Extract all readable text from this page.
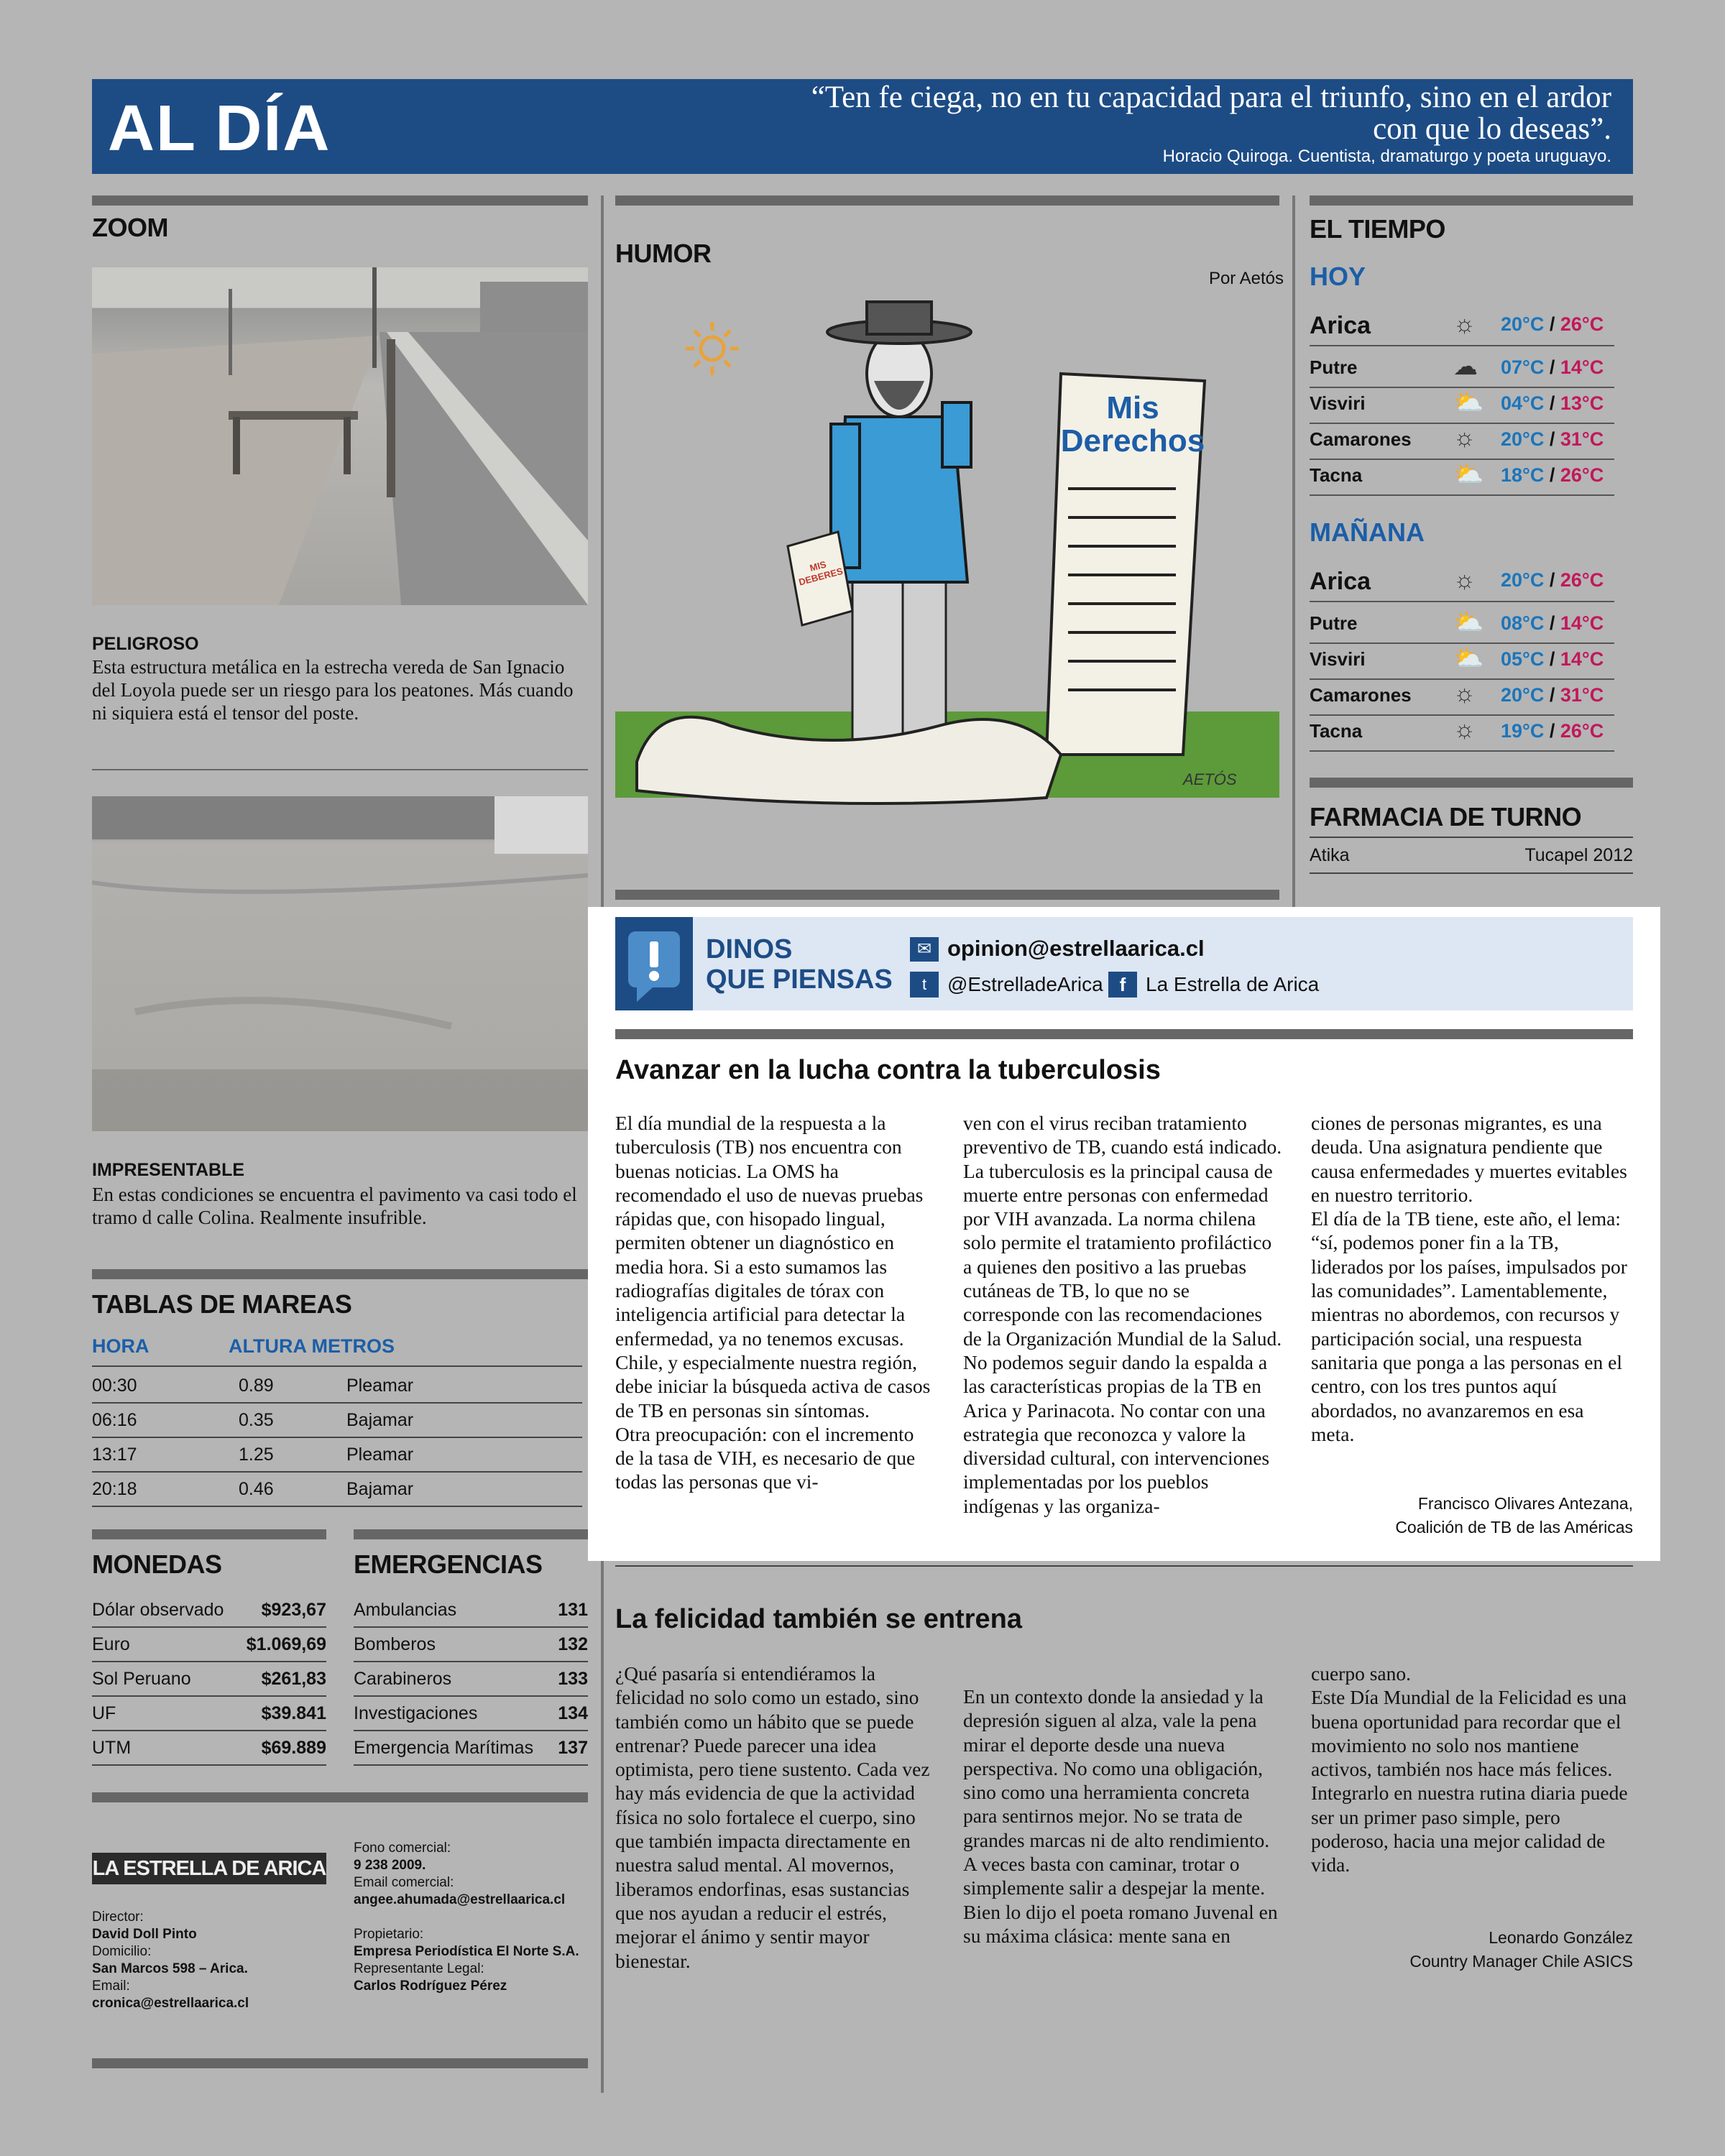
AL DÍA	“Ten fe ciega, no en tu capacidad para el triunfo, sino en el ardor con que lo deseas”.
Horacio Quiroga. Cuentista, dramaturgo y poeta uruguayo.
ZOOM
PELIGROSO
Esta estructura metálica en la estrecha vereda de San Ignacio del Loyola puede ser un riesgo para los peatones. Más cuando ni siquiera está el tensor del poste.
IMPRESENTABLE
En estas condiciones se encuentra el pavimento va casi todo el tramo d calle Colina. Realmente insufrible.
TABLAS DE MAREAS
HORA	ALTURA METROS
00:30	0.89	Pleamar
06:16	0.35	Bajamar
13:17	1.25	Pleamar
20:18	0.46	Bajamar
MONEDAS
Dólar observado $923,67
Euro	$1.069,69
Sol Peruano	$261,83
UF	$39.841
UTM	$69.889
EMERGENCIAS
Ambulancias	131
Bomberos	132
Carabineros	133
Investigaciones	134
Emergencia Marítimas 137
LA ESTRELLA DE ARICA
Director:
David Doll Pinto
Domicilio:
San Marcos 598 – Arica.
Email:
cronica@estrellaarica.cl
Fono comercial:
9 238 2009.
Email comercial:
angee.ahumada@estrellaarica.cl
Propietario:
Empresa Periodística El Norte S.A.
Representante Legal:
Carlos Rodríguez Pérez
HUMOR
Por Aetós
Mis Derechos
MIS DEBERES
AETÓS
EL TIEMPO
HOY
Arica	☼ 20°C / 26°C
Putre	☁ 07°C / 14°C
Visviri	⛅ 04°C / 13°C
Camarones ☼ 20°C / 31°C
Tacna	⛅ 18°C / 26°C
MAÑANA
Arica	☼ 20°C / 26°C
Putre	⛅ 08°C / 14°C
Visviri	⛅ 05°C / 14°C
Camarones ☼ 20°C / 31°C
Tacna	☼ 19°C / 26°C
FARMACIA DE TURNO
Atika	Tucapel 2012
DINOS
QUE PIENSAS
✉ opinion@estrellaarica.cl
t	@EstrelladeArica f La Estrella de Arica
Avanzar en la lucha contra la tuberculosis

El día mundial de la respuesta a la tuberculosis (TB) nos encuentra con buenas noticias. La OMS ha recomendado el uso de nuevas pruebas rápidas que, con hisopado lingual, permiten obtener un diagnóstico en media hora. Si a esto sumamos las radiografías digitales de tórax con inteligencia artificial para detectar la enfermedad, ya no tenemos excusas.
Chile, y especialmente nuestra región, debe iniciar la búsqueda activa de casos de TB en personas sin síntomas.
Otra preocupación: con el incremento de la tasa de VIH, es necesario de que todas las personas que vi-

ven con el virus reciban tratamiento preventivo de TB, cuando está indicado. La tuberculosis es la principal causa de muerte entre personas con enfermedad por VIH avanzada. La norma chilena solo permite el tratamiento profiláctico a quienes den positivo a las pruebas cutáneas de TB, lo que no se corresponde con las recomendaciones de la Organización Mundial de la Salud.
No podemos seguir dando la espalda a las características propias de la TB en Arica y Parinacota. No contar con una estrategia que reconozca y valore la diversidad cultural, con intervenciones implementadas por los pueblos indígenas y las organiza-

ciones de personas migrantes, es una deuda. Una asignatura pendiente que causa enfermedades y muertes evitables en nuestro territorio.
El día de la TB tiene, este año, el lema: “sí, podemos poner fin a la TB, liderados por los países, impulsados por las comunidades”. Lamentablemente, mientras no abordemos, con recursos y participación social, una respuesta sanitaria que ponga a las personas en el centro, con los tres puntos aquí abordados, no avanzaremos en esa meta.

Francisco Olivares Antezana,
Coalición de TB de las Américas
La felicidad también se entrena

¿Qué pasaría si entendiéramos la felicidad no solo como un estado, sino también como un hábito que se puede entrenar? Puede parecer una idea optimista, pero tiene sustento. Cada vez hay más evidencia de que la actividad física no solo fortalece el cuerpo, sino que también impacta directamente en nuestra salud mental. Al movernos, liberamos endorfinas, esas sustancias que nos ayudan a reducir el estrés, mejorar el ánimo y sentir mayor bienestar.

En un contexto donde la ansiedad y la depresión siguen al alza, vale la pena mirar el deporte desde una nueva perspectiva. No como una obligación, sino como una herramienta concreta para sentirnos mejor. No se trata de grandes marcas ni de alto rendimiento. A veces basta con caminar, trotar o simplemente salir a despejar la mente. Bien lo dijo el poeta romano Juvenal en su máxima clásica: mente sana en

cuerpo sano.
Este Día Mundial de la Felicidad es una buena oportunidad para recordar que el movimiento no solo nos mantiene activos, también nos hace más felices. Integrarlo en nuestra rutina diaria puede ser un primer paso simple, pero poderoso, hacia una mejor calidad de vida.

Leonardo González
Country Manager Chile ASICS
